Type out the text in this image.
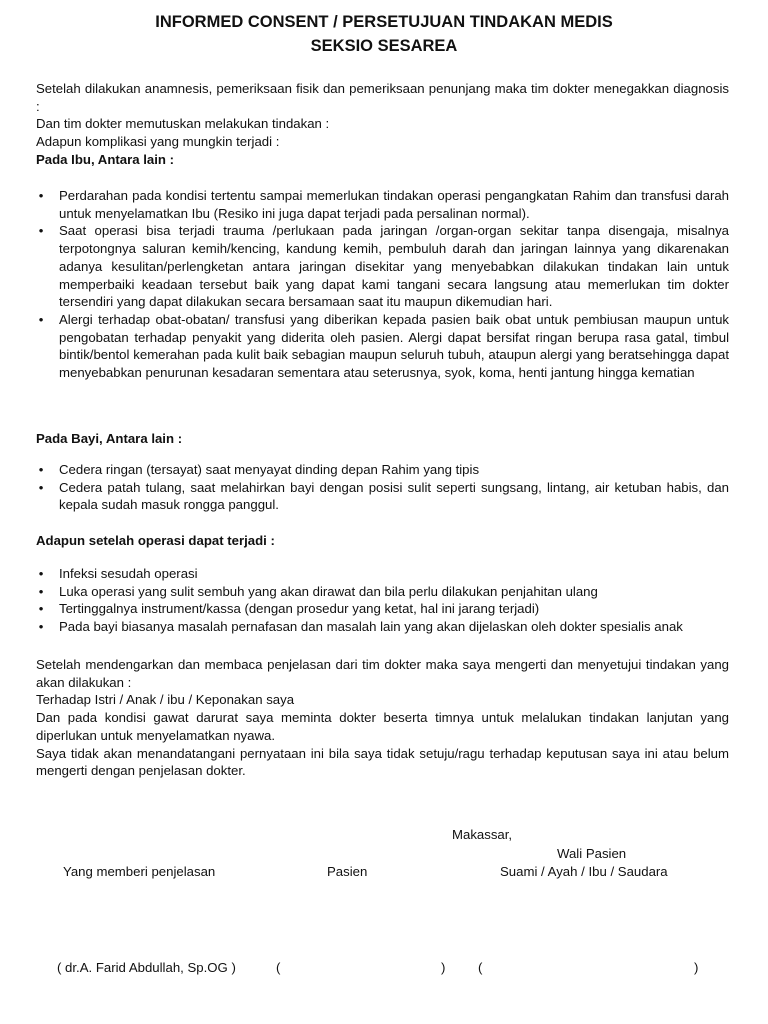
INFORMED CONSENT / PERSETUJUAN TINDAKAN MEDIS
SEKSIO SESAREA

Setelah dilakukan anamnesis, pemeriksaan fisik dan pemeriksaan penunjang maka tim dokter menegakkan diagnosis :

Dan tim dokter memutuskan melakukan tindakan :

Adapun komplikasi yang mungkin terjadi :

Pada Ibu, Antara lain :

• Perdarahan pada kondisi tertentu sampai memerlukan tindakan operasi pengangkatan Rahim dan transfusi darah untuk menyelamatkan Ibu (Resiko ini juga dapat terjadi pada persalinan normal).
• Saat operasi bisa terjadi trauma /perlukaan pada jaringan /organ-organ sekitar tanpa disengaja, misalnya terpotongnya saluran kemih/kencing, kandung kemih, pembuluh darah dan jaringan lainnya yang dikarenakan adanya kesulitan/perlengketan antara jaringan disekitar yang menyebabkan dilakukan tindakan lain untuk memperbaiki keadaan tersebut baik yang dapat kami tangani secara langsung atau memerlukan tim dokter tersendiri yang dapat dilakukan secara bersamaan saat itu maupun dikemudian hari.
• Alergi terhadap obat-obatan/ transfusi yang diberikan kepada pasien baik obat untuk pembiusan maupun untuk pengobatan terhadap penyakit yang diderita oleh pasien. Alergi dapat bersifat ringan berupa rasa gatal, timbul bintik/bentol kemerahan pada kulit baik sebagian maupun seluruh tubuh, ataupun alergi yang beratsehingga dapat menyebabkan penurunan kesadaran sementara atau seterusnya, syok, koma, henti jantung hingga kematian

Pada Bayi, Antara lain :

• Cedera ringan (tersayat) saat menyayat dinding depan Rahim yang tipis
• Cedera patah tulang, saat melahirkan bayi dengan posisi sulit seperti sungsang, lintang, air ketuban habis, dan kepala sudah masuk rongga panggul.

Adapun setelah operasi dapat terjadi :

• Infeksi sesudah operasi
• Luka operasi yang sulit sembuh yang akan dirawat dan bila perlu dilakukan penjahitan ulang
• Tertinggalnya instrument/kassa (dengan prosedur yang ketat, hal ini jarang terjadi)
• Pada bayi biasanya masalah pernafasan dan masalah lain yang akan dijelaskan oleh dokter spesialis anak

Setelah mendengarkan dan membaca penjelasan dari tim dokter maka saya mengerti dan menyetujui tindakan yang akan dilakukan :

Terhadap Istri / Anak / ibu / Keponakan saya

Dan pada kondisi gawat darurat saya meminta dokter beserta timnya untuk melalukan tindakan lanjutan yang diperlukan untuk menyelamatkan nyawa.

Saya tidak akan menandatangani pernyataan ini bila saya tidak setuju/ragu terhadap keputusan saya ini atau belum mengerti dengan penjelasan dokter.

Makassar,
Wali Pasien
Yang memberi penjelasan	Pasien	Suami / Ayah / Ibu / Saudara
( dr.A. Farid Abdullah, Sp.OG )	(	) (	)
